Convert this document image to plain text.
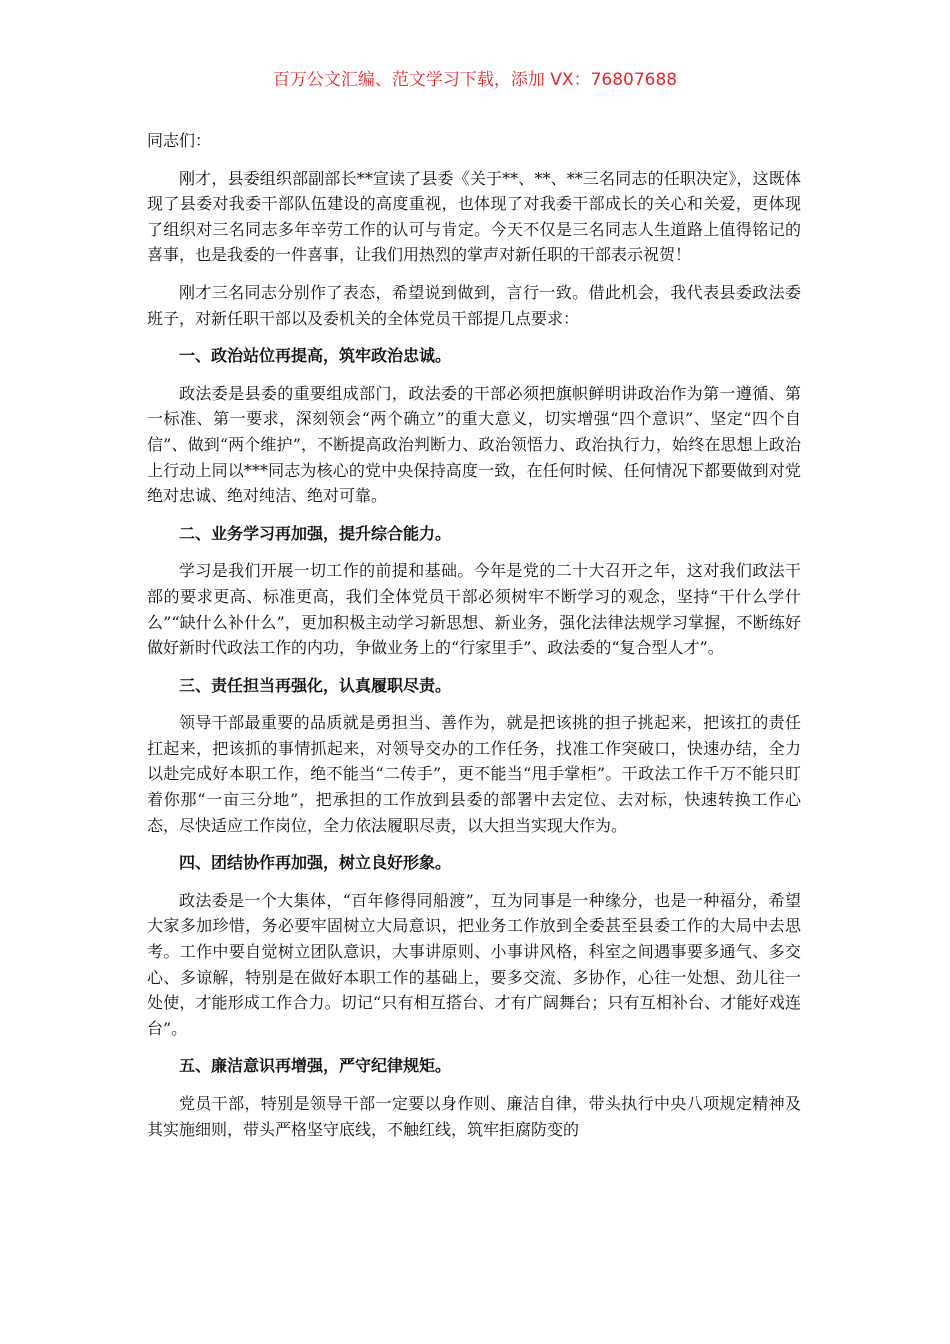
百万公文汇编、范文学习下载，添加 VX：76807688

同志们：

刚才，县委组织部副部长**宣读了县委《关于**、**、**三名同志的任职决定》，这既体现了县委对我委干部队伍建设的高度重视，也体现了对我委干部成长的关心和关爱，更体现了组织对三名同志多年辛劳工作的认可与肯定。今天不仅是三名同志人生道路上值得铭记的喜事，也是我委的一件喜事，让我们用热烈的掌声对新任职的干部表示祝贺！

刚才三名同志分别作了表态，希望说到做到，言行一致。借此机会，我代表县委政法委班子，对新任职干部以及委机关的全体党员干部提几点要求：

一、政治站位再提高，筑牢政治忠诚。

政法委是县委的重要组成部门，政法委的干部必须把旗帜鲜明讲政治作为第一遵循、第一标准、第一要求，深刻领会“两个确立”的重大意义，切实增强“四个意识”、坚定“四个自信”、做到“两个维护”，不断提高政治判断力、政治领悟力、政治执行力，始终在思想上政治上行动上同以***同志为核心的党中央保持高度一致，在任何时候、任何情况下都要做到对党绝对忠诚、绝对纯洁、绝对可靠。

二、业务学习再加强，提升综合能力。

学习是我们开展一切工作的前提和基础。今年是党的二十大召开之年，这对我们政法干部的要求更高、标准更高，我们全体党员干部必须树牢不断学习的观念，坚持“干什么学什么”“缺什么补什么”，更加积极主动学习新思想、新业务，强化法律法规学习掌握，不断练好做好新时代政法工作的内功，争做业务上的“行家里手”、政法委的“复合型人才”。

三、责任担当再强化，认真履职尽责。

领导干部最重要的品质就是勇担当、善作为，就是把该挑的担子挑起来，把该扛的责任扛起来，把该抓的事情抓起来，对领导交办的工作任务，找准工作突破口，快速办结，全力以赴完成好本职工作，绝不能当“二传手”，更不能当“甩手掌柜”。干政法工作千万不能只盯着你那“一亩三分地”，把承担的工作放到县委的部署中去定位、去对标，快速转换工作心态，尽快适应工作岗位，全力依法履职尽责，以大担当实现大作为。

四、团结协作再加强，树立良好形象。

政法委是一个大集体，“百年修得同船渡”，互为同事是一种缘分，也是一种福分，希望大家多加珍惜，务必要牢固树立大局意识，把业务工作放到全委甚至县委工作的大局中去思考。工作中要自觉树立团队意识，大事讲原则、小事讲风格，科室之间遇事要多通气、多交心、多谅解，特别是在做好本职工作的基础上，要多交流、多协作，心往一处想、劲儿往一处使，才能形成工作合力。切记“只有相互搭台、才有广阔舞台；只有互相补台、才能好戏连台”。

五、廉洁意识再增强，严守纪律规矩。

党员干部，特别是领导干部一定要以身作则、廉洁自律，带头执行中央八项规定精神及其实施细则，带头严格坚守底线，不触红线，筑牢拒腐防变的
